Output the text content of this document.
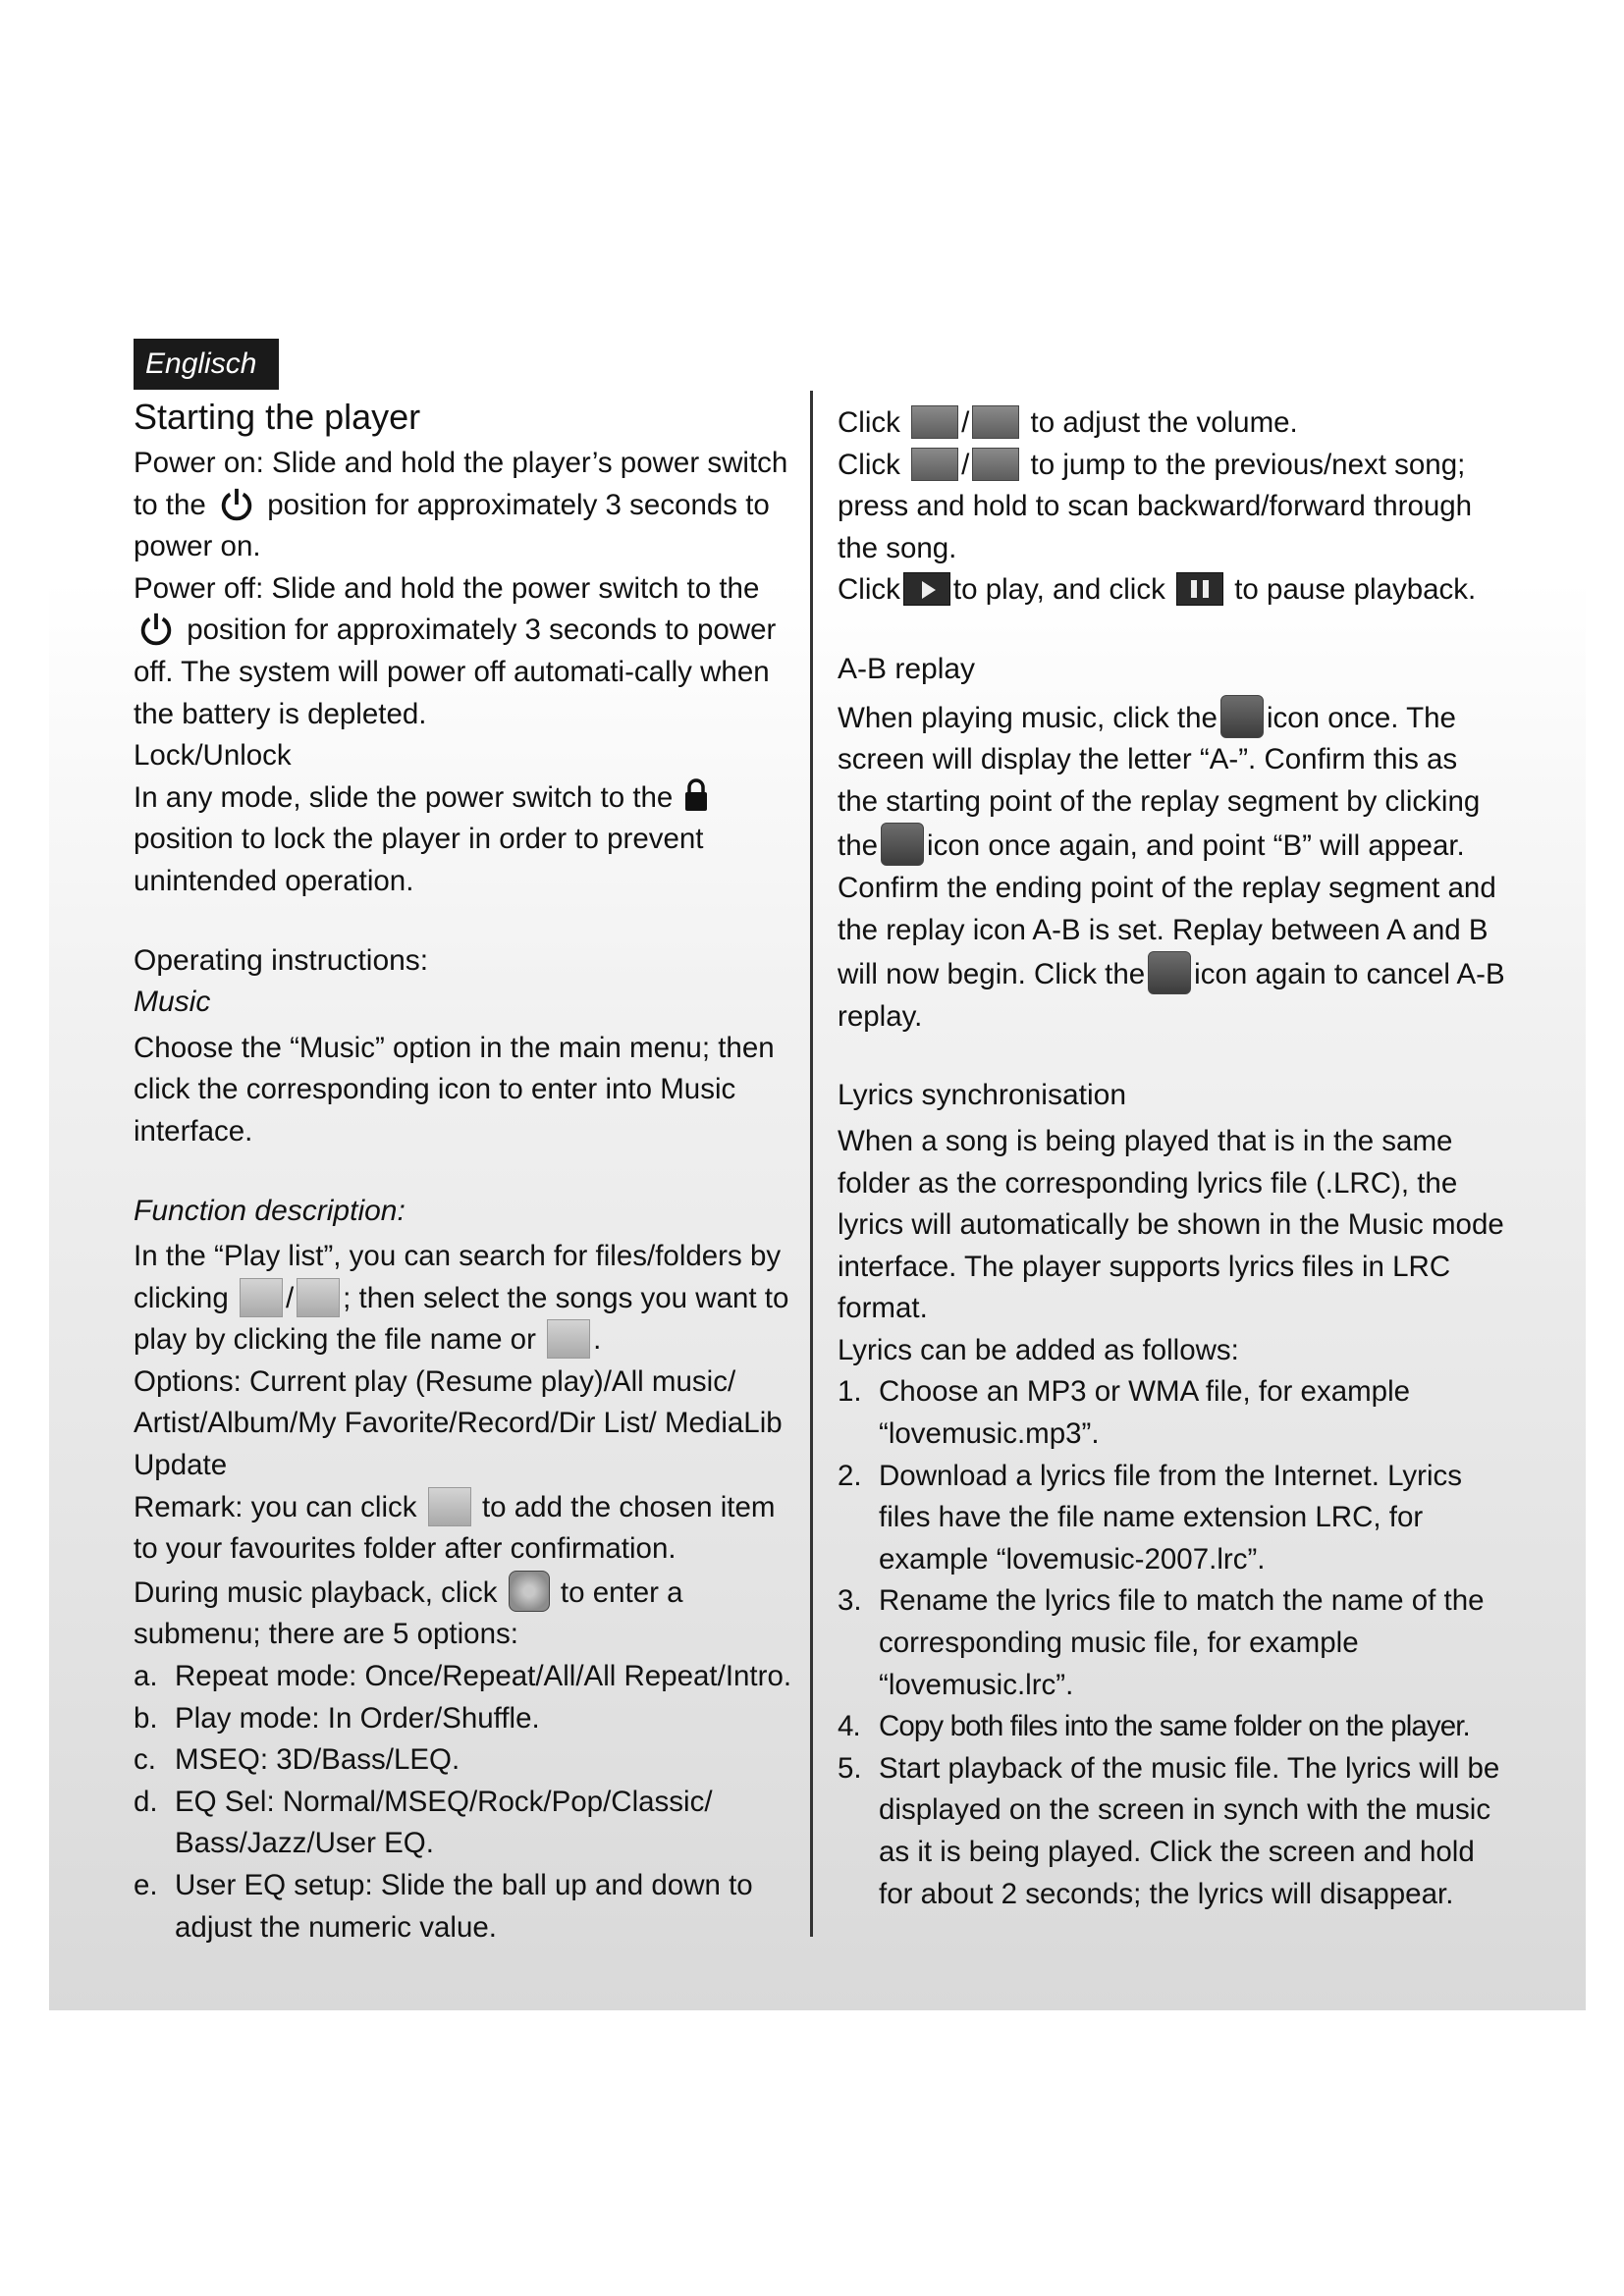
Englisch
Starting the player

Power on: Slide and hold the player’s power switch to the position for approximately 3 seconds to power on.

Power off: Slide and hold the power switch to the  position for approximately 3 seconds to power off. The system will power off automati-cally when the battery is depleted.

Lock/Unlock

In any mode, slide the power switch to the  position to lock the player in order to prevent unintended operation.

Operating instructions:
Music

Choose the “Music” option in the main menu; then click the corresponding icon to enter into Music interface.

Function description:

In the “Play list”, you can search for files/folders by clicking / ; then select the songs you want to play by clicking the file name or .

Options: Current play (Resume play)/All music/ Artist/Album/My Favorite/Record/Dir List/ MediaLib Update

Remark: you can click to add the chosen item to your favourites folder after confirmation.

During music playback, click to enter a submenu; there are 5 options:

a. Repeat mode: Once/Repeat/All/All Repeat/Intro.
b. Play mode: In Order/Shuffle.
c. MSEQ: 3D/Bass/LEQ.
d. EQ Sel: Normal/MSEQ/Rock/Pop/Classic/ Bass/Jazz/User EQ.
e. User EQ setup: Slide the ball up and down to adjust the numeric value.

Click / to adjust the volume.

Click / to jump to the previous/next song; press and hold to scan backward/forward through the song.

Click to play, and click to pause playback.

A-B replay

When playing music, click the icon once. The screen will display the letter “A-”. Confirm this as the starting point of the replay segment by clicking the icon once again, and point “B” will appear. Confirm the ending point of the replay segment and the replay icon A-B is set. Replay between A and B will now begin. Click the icon again to cancel A-B replay.

Lyrics synchronisation

When a song is being played that is in the same folder as the corresponding lyrics file (.LRC), the lyrics will automatically be shown in the Music mode interface. The player supports lyrics files in LRC format.

Lyrics can be added as follows:

1. Choose an MP3 or WMA file, for example “lovemusic.mp3”.
2. Download a lyrics file from the Internet. Lyrics files have the file name extension LRC, for example “lovemusic-2007.lrc”.
3. Rename the lyrics file to match the name of the corresponding music file, for example “lovemusic.lrc”.
4. Copy both files into the same folder on the player.
5. Start playback of the music file. The lyrics will be displayed on the screen in synch with the music as it is being played. Click the screen and hold for about 2 seconds; the lyrics will disappear.
